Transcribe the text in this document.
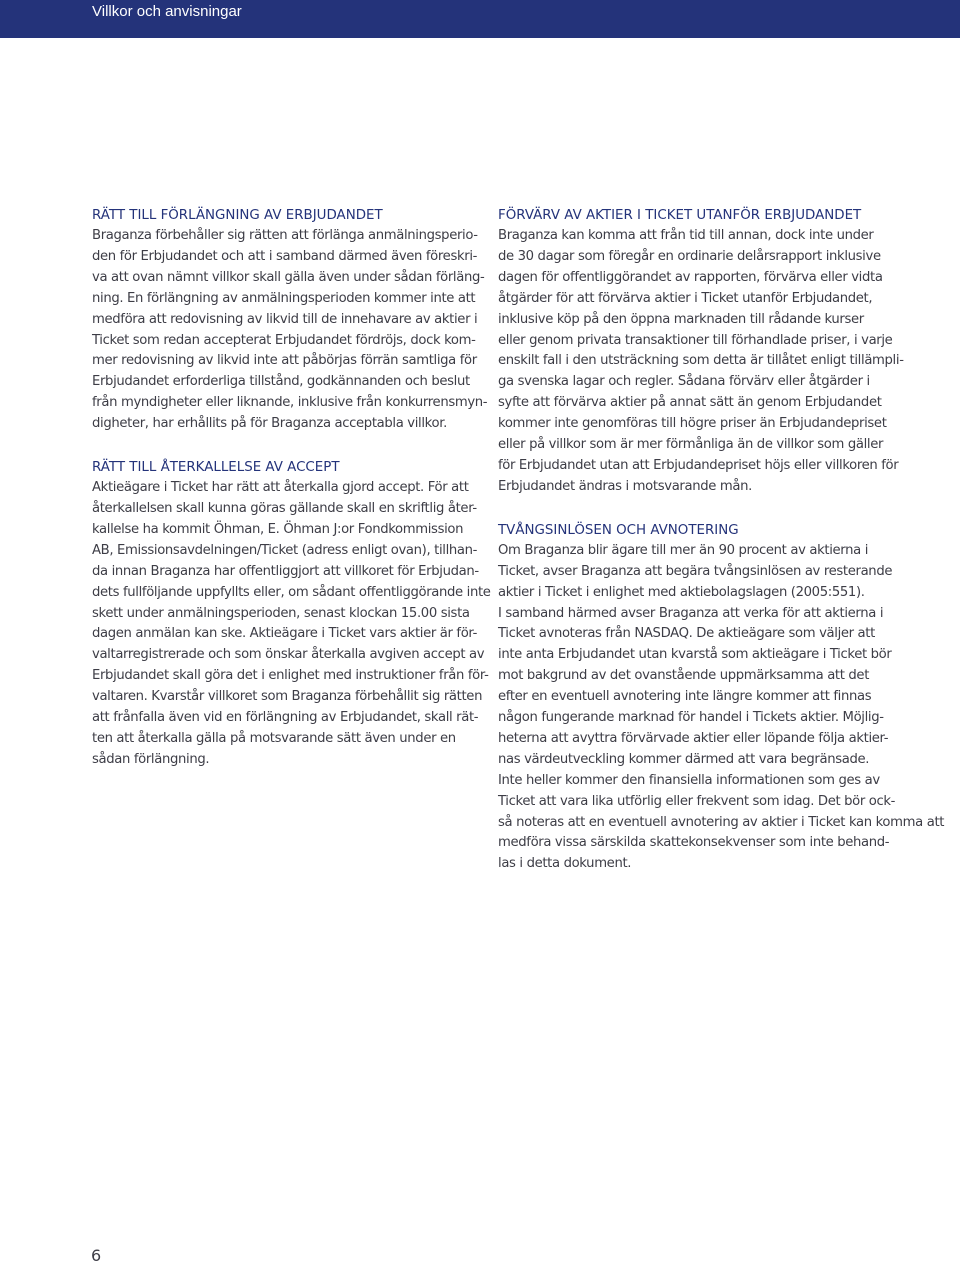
Villkor och anvisningar
RÄTT TILL FÖRLÄNGNING AV ERBJUDANDET
Braganza förbehåller sig rätten att förlänga anmälningsperio-
den för Erbjudandet och att i samband därmed även föreskri-
va att ovan nämnt villkor skall gälla även under sådan förläng-
ning. En förlängning av anmälningsperioden kommer inte att
medföra att redovisning av likvid till de innehavare av aktier i
Ticket som redan accepterat Erbjudandet fördröjs, dock kom-
mer redovisning av likvid inte att påbörjas förrän samtliga för
Erbjudandet erforderliga tillstånd, godkännanden och beslut
från myndigheter eller liknande, inklusive från konkurrensmyn-
digheter, har erhållits på för Braganza acceptabla villkor.
RÄTT TILL ÅTERKALLELSE AV ACCEPT
Aktieägare i Ticket har rätt att återkalla gjord accept. För att
återkallelsen skall kunna göras gällande skall en skriftlig åter-
kallelse ha kommit Öhman, E. Öhman J:or Fondkommission
AB, Emissionsavdelningen/Ticket (adress enligt ovan), tillhan-
da innan Braganza har offentliggjort att villkoret för Erbjudan-
dets fullföljande uppfyllts eller, om sådant offentliggörande inte
skett under anmälningsperioden, senast klockan 15.00 sista
dagen anmälan kan ske. Aktieägare i Ticket vars aktier är för-
valtarregistrerade och som önskar återkalla avgiven accept av
Erbjudandet skall göra det i enlighet med instruktioner från för-
valtaren. Kvarstår villkoret som Braganza förbehållit sig rätten
att frånfalla även vid en förlängning av Erbjudandet, skall rät-
ten att återkalla gälla på motsvarande sätt även under en
sådan förlängning.
FÖRVÄRV AV AKTIER I TICKET UTANFÖR ERBJUDANDET
Braganza kan komma att från tid till annan, dock inte under
de 30 dagar som föregår en ordinarie delårsrapport inklusive
dagen för offentliggörandet av rapporten, förvärva eller vidta
åtgärder för att förvärva aktier i Ticket utanför Erbjudandet,
inklusive köp på den öppna marknaden till rådande kurser
eller genom privata transaktioner till förhandlade priser, i varje
enskilt fall i den utsträckning som detta är tillåtet enligt tillämpli-
ga svenska lagar och regler. Sådana förvärv eller åtgärder i
syfte att förvärva aktier på annat sätt än genom Erbjudandet
kommer inte genomföras till högre priser än Erbjudandepriset
eller på villkor som är mer förmånliga än de villkor som gäller
för Erbjudandet utan att Erbjudandepriset höjs eller villkoren för
Erbjudandet ändras i motsvarande mån.
TVÅNGSINLÖSEN OCH AVNOTERING
Om Braganza blir ägare till mer än 90 procent av aktierna i
Ticket, avser Braganza att begära tvångsinlösen av resterande
aktier i Ticket i enlighet med aktiebolagslagen (2005:551).
I samband härmed avser Braganza att verka för att aktierna i
Ticket avnoteras från NASDAQ. De aktieägare som väljer att
inte anta Erbjudandet utan kvarstå som aktieägare i Ticket bör
mot bakgrund av det ovanstående uppmärksamma att det
efter en eventuell avnotering inte längre kommer att finnas
någon fungerande marknad för handel i Tickets aktier. Möjlig-
heterna att avyttra förvärvade aktier eller löpande följa aktier-
nas värdeutveckling kommer därmed att vara begränsade.
Inte heller kommer den finansiella informationen som ges av
Ticket att vara lika utförlig eller frekvent som idag. Det bör ock-
så noteras att en eventuell avnotering av aktier i Ticket kan komma att
medföra vissa särskilda skattekonsekvenser som inte behand-
las i detta dokument.
6
